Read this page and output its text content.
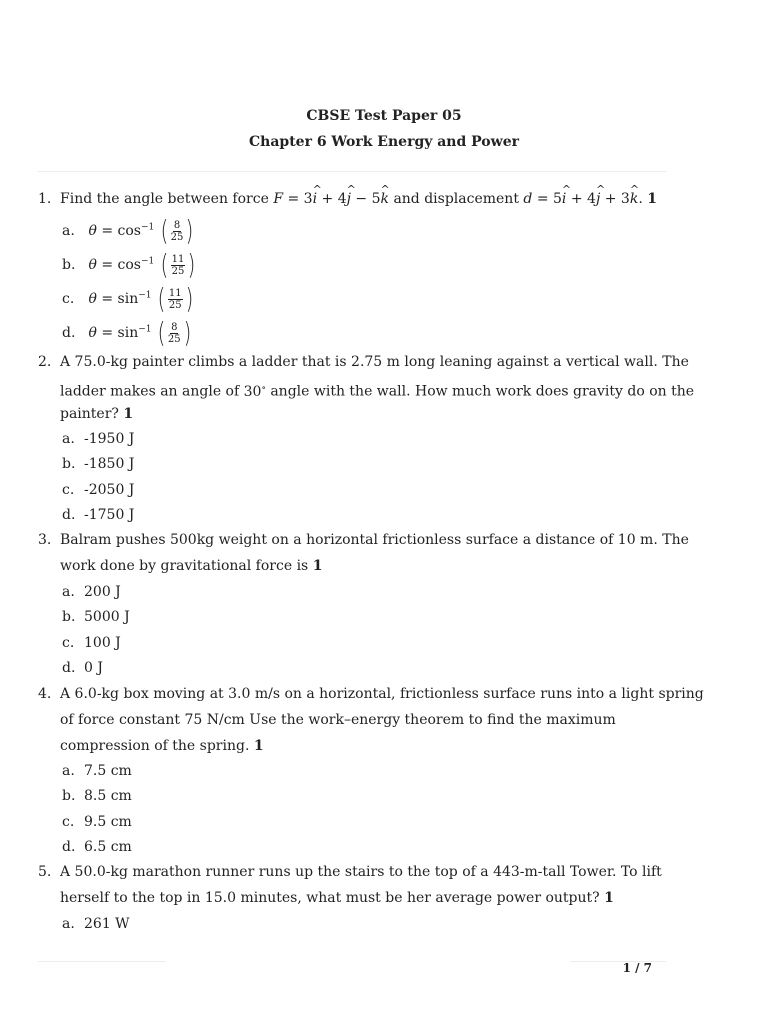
CBSE Test Paper 05
Chapter 6 Work Energy and Power
1. Find the angle between force F = 3i ^ + 4j ^ − 5k ^ and displacement d = 5i ^ + 4j ^ + 3k ^. 1
a. $\theta = \cos^{-1}$ ( $\frac{8}{25}$ )
b. $\theta = \cos^{-1}$ ( $\frac{11}{25}$ )
c. $\theta = \sin^{-1}$ ( $\frac{11}{25}$ )
d. $\theta = \sin^{-1}$ ( $\frac{8}{25}$ )
2. A 75.0-kg painter climbs a ladder that is 2.75 m long leaning against a vertical wall. The
ladder makes an angle of 30∘ angle with the wall. How much work does gravity do on the
painter? 1
a. -1950 J
b. -1850 J
c. -2050 J
d. -1750 J
3. Balram pushes 500kg weight on a horizontal frictionless surface a distance of 10 m. The
work done by gravitational force is 1
a. 200 J
b. 5000 J
c. 100 J
d. 0 J
4. A 6.0-kg box moving at 3.0 m/s on a horizontal, frictionless surface runs into a light spring
of force constant 75 N/cm Use the work–energy theorem to find the maximum
compression of the spring. 1
a. 7.5 cm
b. 8.5 cm
c. 9.5 cm
d. 6.5 cm
5. A 50.0-kg marathon runner runs up the stairs to the top of a 443-m-tall Tower. To lift
herself to the top in 15.0 minutes, what must be her average power output? 1
a. 261 W
1 / 7
